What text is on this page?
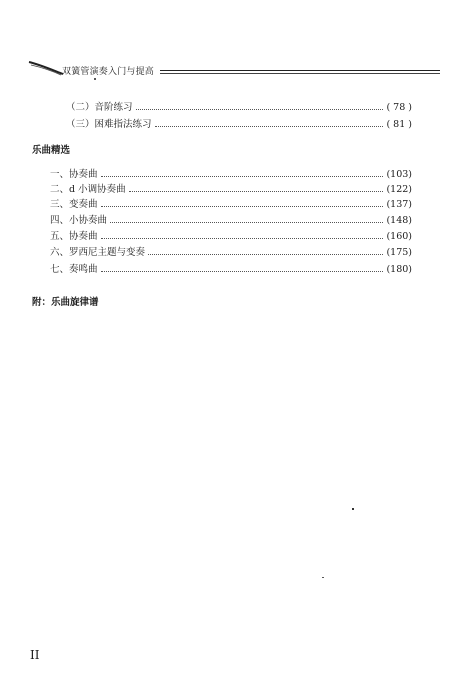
双簧管演奏入门与提高
（二）音阶练习	( 78 )
（三）困难指法练习	( 81 )
乐曲精选
一、协奏曲	(103)
二、d 小调协奏曲	(122)
三、变奏曲	(137)
四、小协奏曲	(148)
五、协奏曲	(160)
六、罗西尼主题与变奏	(175)
七、奏鸣曲	(180)
附：乐曲旋律谱
II
